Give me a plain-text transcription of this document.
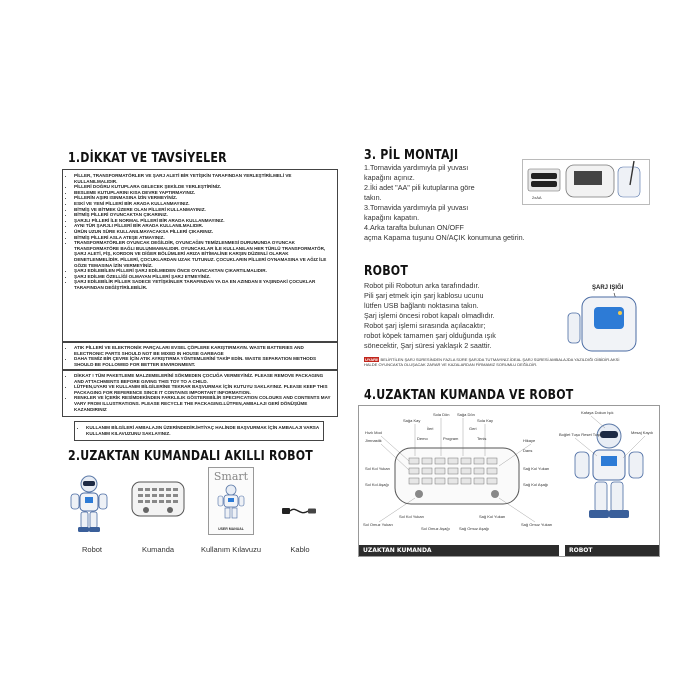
1.DİKKAT VE TAVSİYELER
• PİLLER, TRANSFORMATÖRLER VE ŞARJ ALETİ BİR YETİŞKİN TARAFINDAN YERLEŞTİRİLMELİ VE KULLANILMALIDIR.
• PİLLERİ DOĞRU KUTUPLARA GELECEK ŞEKİLDE YERLEŞTİRİNİZ.
• BESLEME KUTUPLARINI KISA DEVRE YAPTIRMAYINIZ.
• PİLLERİN AŞIRI ISINMASINA İZİN VERMEYİNİZ.
• ESKİ VE YENİ PİLLERİ BİR ARADA KULLANMAYINIZ.
• BİTMİŞ VE BİTMEK ÜZERE OLAN PİLLERİ KULLANMAYINIZ.
• BİTMİŞ PİLLERİ OYUNCAKTAN ÇIKARINIZ.
• ŞARJLI PİLLERİ İLE NORMAL PİLLERİ BİR ARADA KULLANMAYINIZ.
• AYNI TÜR ŞARJLI PİLLERİ BİR ARADA KULLANILMALIDIR.
• ÜRÜN UZUN SÜRE KULLANILMAYACAKSA PİLLERİ ÇIKARINIZ.
• BİTMİŞ PİLLERİ ASLA ATEŞE ATMAYINIZ.
• TRANSFORMATÖRLER OYUNCAK DEĞİLDİR, OYUNCAĞIN TEMİZLENMESİ DURUMUNDA OYUNCAK TRANSFORMATÖRE BAĞLI BULUNMAMALIDIR. OYUNCAKLAR İLE KULLANILAN HER TÜRLÜ TRANSFORMATÖR, ŞARJ ALETİ, FİŞ, KORDON VE DİĞER BÖLÜMLERİ ARIZA BİTİMALİNE KARŞIN DÜZENLİ OLARAK DENETLENMELİDİR. PİLLERİ, ÇOCUKLARDAN UZAK TUTUNUZ. ÇOCUKLARIN PİLLERİ OYNAMASINA VE AĞIZ İLE GÖZE TEMASINA İZİN VERMEYİNİZ.
• ŞARJ EDİLEBİLEN PİLLERİ ŞARJ EDİLMEDEN ÖNCE OYUNCAKTAN ÇIKARTILMALIDIR.
• ŞARJ EDİLME ÖZELLİĞİ OLMAYAN PİLLERİ ŞARJ ETMEYİNİZ.
• ŞARJ EDİLEBİLİR PİLLER SADECE YETİŞKİNLER TARAFINDAN YA DA EN AZINDAN 8 YAŞINDAKİ ÇOCUKLAR TARAFINDAN DEĞİŞTİRİLEBİLİR.
• ATIK PİLLERİ VE ELEKTRONİK PARÇALARI EVSEL ÇÖPLERE KARIŞTIRMAYIN. WASTE BATTERIES AND ELECTRONIC PARTS SHOULD NOT BE MIXED IN HOUSE GARBAGE
• DAHA TEMİZ BİR ÇEVRE İÇİN ATIK AYRIŞTIRMA YÖNTEMLERİNİ TAKİP EDİN. WASTE SEPARATION METHODS SHOULD BE FOLLOWED FOR BETTER ENVIRONMENT.
• DİKKAT ! TÜM PAKETLEME MALZEMELERİNİ SÖKMEDEN ÇOCUĞA VERMEYİNİZ. PLEASE REMOVE PACKAGING AND ATTACHMENTS BEFORE GIVING THIS TOY TO A CHILD.
• LÜTFEN,UYARI VE KULLANIM BİLGİLERİNE TEKRAR BAŞVURMAK İÇİN KUTUYU SAKLAYINIZ. PLEASE KEEP THIS PACKAGING FOR REFERENCE SINCE IT CONTAINS IMPORTANT INFORMATION.
• RENKLER VE İÇERİK RESİMDEKİNDEN FARKLILIK GÖSTEREBİLİR SPECIFICATION COLOURS AND CONTENTS MAY VARY FROM ILLUSTRATIONS. PLEASE RECYCLE THE PACKAGING.LÜTFEN,AMBALAJI GERİ DÖNÜŞÜME KAZANDIRINIZ
• KULLANIM BİLGİLERİ AMBALAJIN ÜZERİNDEDİR.İHTİYAÇ HALİNDE BAŞVURMAK İÇİN AMBALAJI VARSA KULLANIM KILAVUZUNU SAKLAYINIZ.
2.UZAKTAN KUMANDALI AKILLI ROBOT
Robot	Kumanda
Smart
USER MANUAL
Kullanım Kılavuzu	Kablo
3. PİL MONTAJI
1.Tornavida yardımıyla pil yuvası
kapağını açınız.
2.İki adet "AA" pili kutuplarına göre
takın.
3.Tornavida yardımıyla pil yuvası
kapağını kapatın.
4.Arka tarafta bulunan ON/OFF
açma Kapama tuşunu ON/AÇIK konumuna getirin.
2xAA
ROBOT
Robot pili Robotun arka tarafındadır.
Pili şarj etmek için şarj kablosu ucunu
lütfen USB bağlantı noktasına takın.
Şarj işlemi öncesi robot kapalı olmadlıdır.
Robot şarj işlemi sırasında açılacaktır;
robot köpek tamamen şarj olduğunda ışık
sönecektir, Şarj süresi yaklaşık 2 saattir.
ŞARJ IŞIĞI
UYARI! BELİRTİLEN ŞARJ SÜRESİNDEN FAZLA SÜRE ŞARJDA TUTMAYINIZ.İDEAL ŞARJ SÜRESİ AMBALAJDA YAZILDIĞI GİBİDİR.AKSİ HALDE OYUNCAKTA OLUŞACAK ZARAR VE KAZALARDAN FİRMAMIZ SORUMLU DEĞİLDİR.
4.UZAKTAN KUMANDA VE ROBOT
Kafaya Dokun Işık
Boğlet Tuşu Reset Tuşu	Mesaj Kaydı
Sağa Kay
Sola Dön Sağa Dön
Sola Kay
Hızlı Mod
Jimnastik
İleri	Geri
Demo	Program	Tenis	Hikaye
Dans
Sol Kol Yukarı	Sağ Kol Yukarı
Sol Omuz Yukarı	Sağ Omuz Yukarı
Sol Kol Aşağı	Sağ Kol Aşağı
Sol Kol Yukarı	Sağ Kol Yukarı
Sol Omuz Aşağı Sağ Omuz Aşağı
UZAKTAN KUMANDA	ROBOT
